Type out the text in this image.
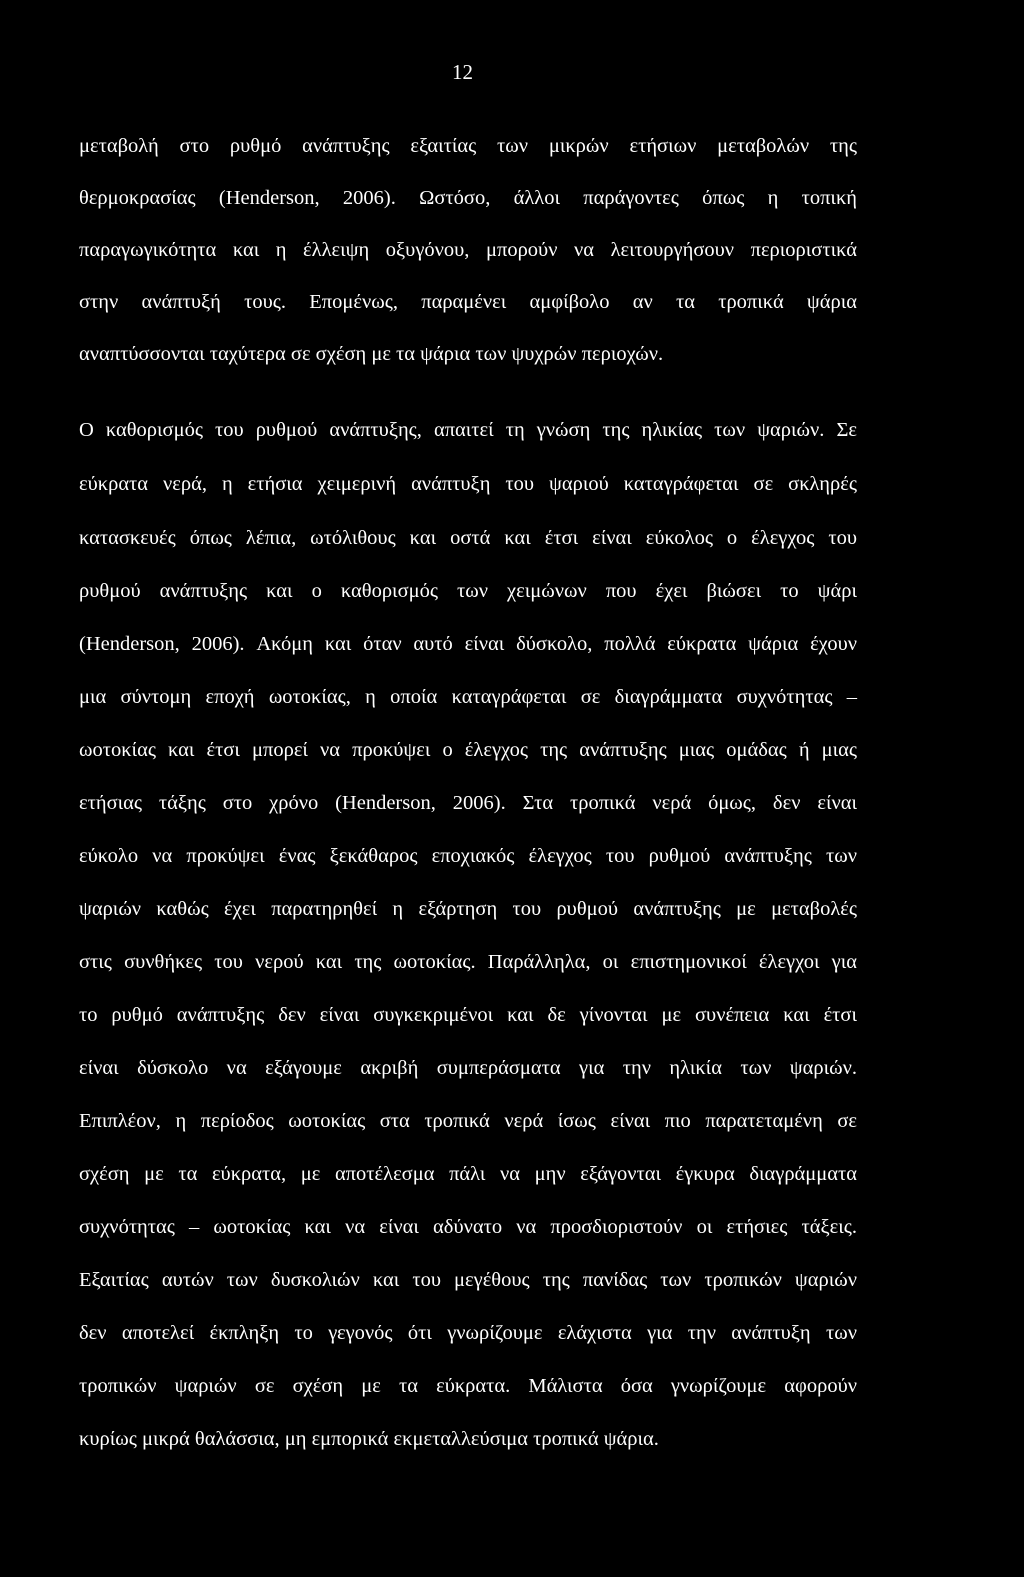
12
μεταβολή στο ρυθμό ανάπτυξης εξαιτίας των μικρών ετήσιων μεταβολών της
θερμοκρασίας (Henderson, 2006). Ωστόσο, άλλοι παράγοντες όπως η τοπική
παραγωγικότητα και η έλλειψη οξυγόνου, μπορούν να λειτουργήσουν περιοριστικά
στην ανάπτυξή τους. Επομένως, παραμένει αμφίβολο αν τα τροπικά ψάρια
αναπτύσσονται ταχύτερα σε σχέση με τα ψάρια των ψυχρών περιοχών.
Ο καθορισμός του ρυθμού ανάπτυξης, απαιτεί τη γνώση της ηλικίας των ψαριών. Σε
εύκρατα νερά, η ετήσια χειμερινή ανάπτυξη του ψαριού καταγράφεται σε σκληρές
κατασκευές όπως λέπια, ωτόλιθους και οστά και έτσι είναι εύκολος ο έλεγχος του
ρυθμού ανάπτυξης και ο καθορισμός των χειμώνων που έχει βιώσει το ψάρι
(Henderson, 2006). Ακόμη και όταν αυτό είναι δύσκολο, πολλά εύκρατα ψάρια έχουν
μια σύντομη εποχή ωοτοκίας, η οποία καταγράφεται σε διαγράμματα συχνότητας –
ωοτοκίας και έτσι μπορεί να προκύψει ο έλεγχος της ανάπτυξης μιας ομάδας ή μιας
ετήσιας τάξης στο χρόνο (Henderson, 2006). Στα τροπικά νερά όμως, δεν είναι
εύκολο να προκύψει ένας ξεκάθαρος εποχιακός έλεγχος του ρυθμού ανάπτυξης των
ψαριών καθώς έχει παρατηρηθεί η εξάρτηση του ρυθμού ανάπτυξης με μεταβολές
στις συνθήκες του νερού και της ωοτοκίας. Παράλληλα, οι επιστημονικοί έλεγχοι για
το ρυθμό ανάπτυξης δεν είναι συγκεκριμένοι και δε γίνονται με συνέπεια και έτσι
είναι δύσκολο να εξάγουμε ακριβή συμπεράσματα για την ηλικία των ψαριών.
Επιπλέον, η περίοδος ωοτοκίας στα τροπικά νερά ίσως είναι πιο παρατεταμένη σε
σχέση με τα εύκρατα, με αποτέλεσμα πάλι να μην εξάγονται έγκυρα διαγράμματα
συχνότητας – ωοτοκίας και να είναι αδύνατο να προσδιοριστούν οι ετήσιες τάξεις.
Εξαιτίας αυτών των δυσκολιών και του μεγέθους της πανίδας των τροπικών ψαριών
δεν αποτελεί έκπληξη το γεγονός ότι γνωρίζουμε ελάχιστα για την ανάπτυξη των
τροπικών ψαριών σε σχέση με τα εύκρατα. Μάλιστα όσα γνωρίζουμε αφορούν
κυρίως μικρά θαλάσσια, μη εμπορικά εκμεταλλεύσιμα τροπικά ψάρια.
